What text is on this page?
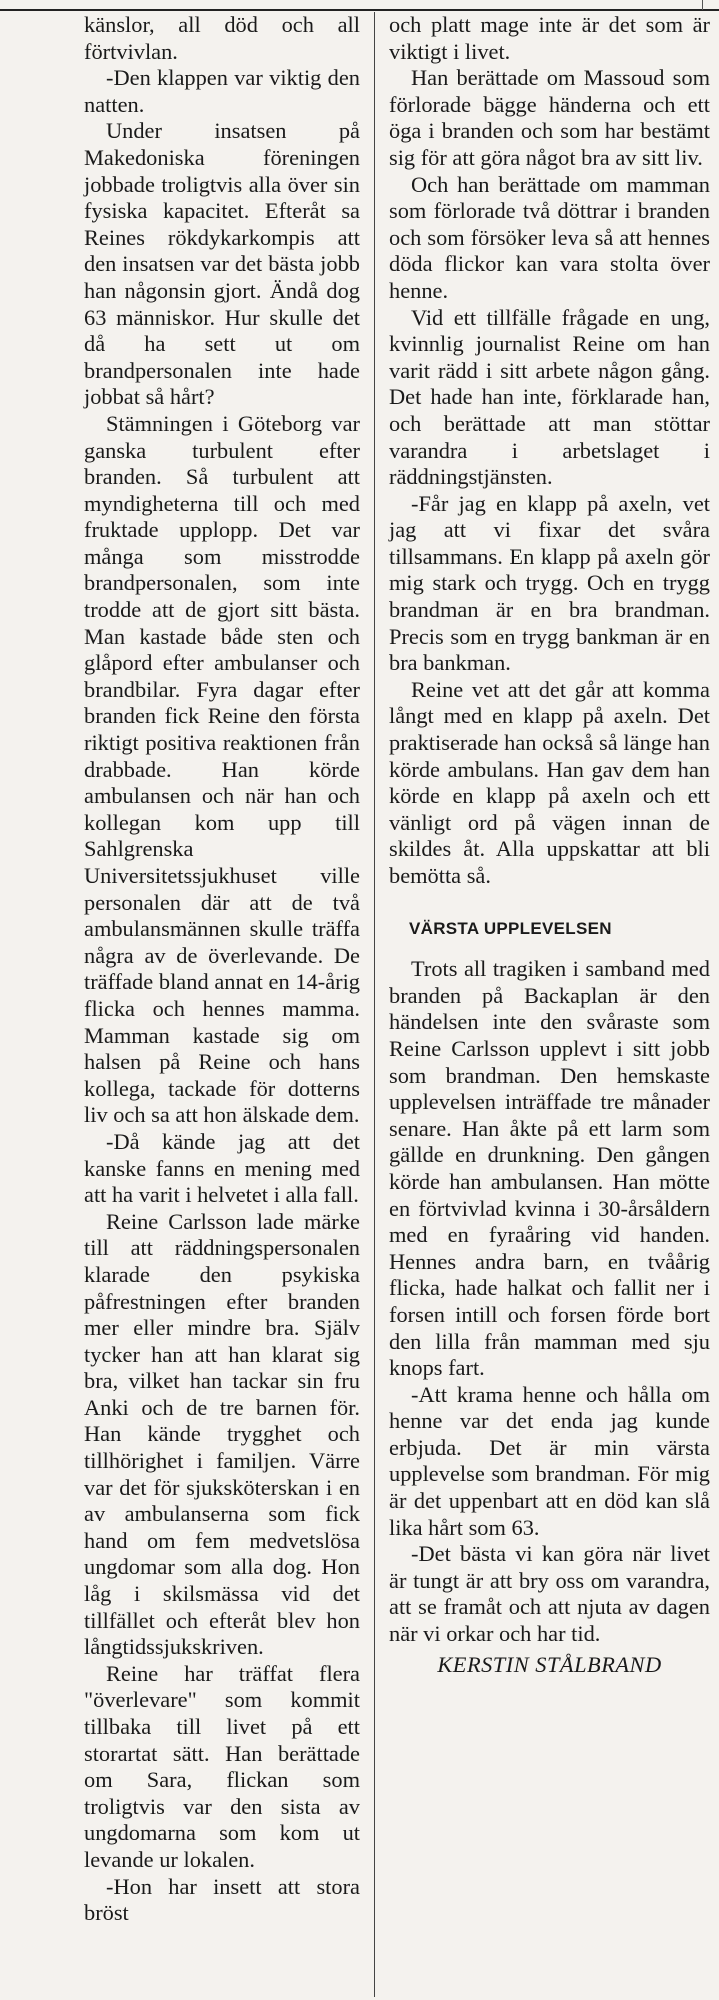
känslor, all död och all förtvivlan.

-Den klappen var viktig den natten.

Under insatsen på Makedoniska föreningen jobbade troligtvis alla över sin fysiska kapacitet. Efteråt sa Reines rökdykarkompis att den insatsen var det bästa jobb han någonsin gjort. Ändå dog 63 människor. Hur skulle det då ha sett ut om brandpersonalen inte hade jobbat så hårt?

Stämningen i Göteborg var ganska turbulent efter branden. Så turbulent att myndigheterna till och med fruktade upplopp. Det var många som misstrodde brandpersonalen, som inte trodde att de gjort sitt bästa. Man kastade både sten och glåpord efter ambulanser och brandbilar. Fyra dagar efter branden fick Reine den första riktigt positiva reaktionen från drabbade. Han körde ambulansen och när han och kollegan kom upp till Sahlgrenska Universitetssjukhuset ville personalen där att de två ambulansmännen skulle träffa några av de överlevande. De träffade bland annat en 14-årig flicka och hennes mamma. Mamman kastade sig om halsen på Reine och hans kollega, tackade för dotterns liv och sa att hon älskade dem.

-Då kände jag att det kanske fanns en mening med att ha varit i helvetet i alla fall.

Reine Carlsson lade märke till att räddningspersonalen klarade den psykiska påfrestningen efter branden mer eller mindre bra. Själv tycker han att han klarat sig bra, vilket han tackar sin fru Anki och de tre barnen för. Han kände trygghet och tillhörighet i familjen. Värre var det för sjuksköterskan i en av ambulanserna som fick hand om fem medvetslösa ungdomar som alla dog. Hon låg i skilsmässa vid det tillfället och efteråt blev hon långtidssjukskriven.

Reine har träffat flera "överlevare" som kommit tillbaka till livet på ett storartat sätt. Han berättade om Sara, flickan som troligtvis var den sista av ungdomarna som kom ut levande ur lokalen.

-Hon har insett att stora bröst

och platt mage inte är det som är viktigt i livet.

Han berättade om Massoud som förlorade bägge händerna och ett öga i branden och som har bestämt sig för att göra något bra av sitt liv.

Och han berättade om mamman som förlorade två döttrar i branden och som försöker leva så att hennes döda flickor kan vara stolta över henne.

Vid ett tillfälle frågade en ung, kvinnlig journalist Reine om han varit rädd i sitt arbete någon gång. Det hade han inte, förklarade han, och berättade att man stöttar varandra i arbetslaget i räddningstjänsten.

-Får jag en klapp på axeln, vet jag att vi fixar det svåra tillsammans. En klapp på axeln gör mig stark och trygg. Och en trygg brandman är en bra brandman. Precis som en trygg bankman är en bra bankman.

Reine vet att det går att komma långt med en klapp på axeln. Det praktiserade han också så länge han körde ambulans. Han gav dem han körde en klapp på axeln och ett vänligt ord på vägen innan de skildes åt. Alla uppskattar att bli bemötta så.

VÄRSTA UPPLEVELSEN

Trots all tragiken i samband med branden på Backaplan är den händelsen inte den svåraste som Reine Carlsson upplevt i sitt jobb som brandman. Den hemskaste upplevelsen inträffade tre månader senare. Han åkte på ett larm som gällde en drunkning. Den gången körde han ambulansen. Han mötte en förtvivlad kvinna i 30-årsåldern med en fyraåring vid handen. Hennes andra barn, en tvåårig flicka, hade halkat och fallit ner i forsen intill och forsen förde bort den lilla från mamman med sju knops fart.

-Att krama henne och hålla om henne var det enda jag kunde erbjuda. Det är min värsta upplevelse som brandman. För mig är det uppenbart att en död kan slå lika hårt som 63.

-Det bästa vi kan göra när livet är tungt är att bry oss om varandra, att se framåt och att njuta av dagen när vi orkar och har tid.

KERSTIN STÅLBRAND
